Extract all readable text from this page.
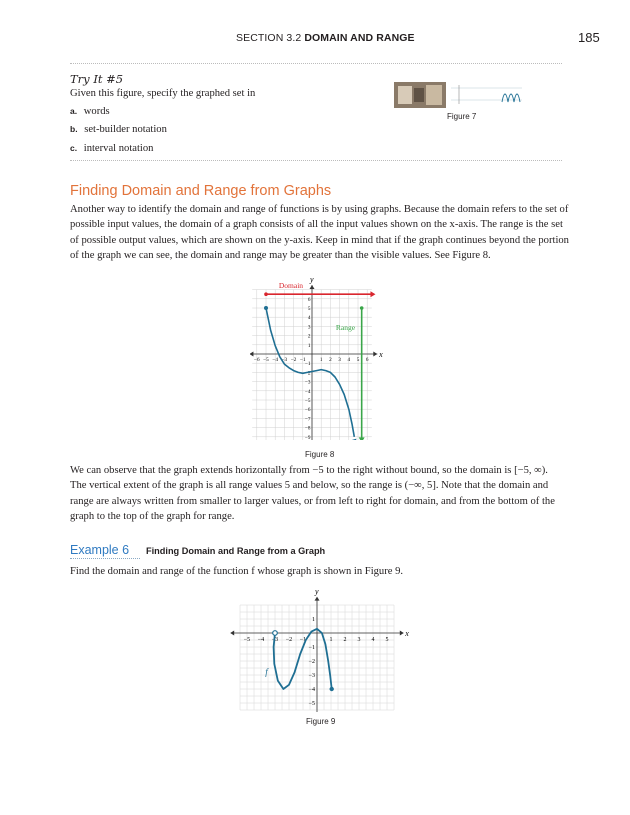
SECTION 3.2 DOMAIN AND RANGE	185
Try It #5
Given this figure, specify the graphed set in
a. words
b. set-builder notation
c. interval notation
Figure 7
Finding Domain and Range from Graphs
Another way to identify the domain and range of functions is by using graphs. Because the domain refers to the set of
possible input values, the domain of a graph consists of all the input values shown on the x-axis. The range is the set
of possible output values, which are shown on the y-axis. Keep in mind that if the graph continues beyond the portion
of the graph we can see, the domain and range may be greater than the visible values. See Figure 8.
x
y
−6 −5 −4 −3 −2 −1	1 2 3 4 5 6
6
5
4
3
2
1
−1
−2
−3
−4
−5
−6
−7
−8
−9
Domain
Range
Figure 8
We can observe that the graph extends horizontally from −5 to the right without bound, so the domain is [−5, ∞).
The vertical extent of the graph is all range values 5 and below, so the range is (−∞, 5]. Note that the domain and
range are always written from smaller to larger values, or from left to right for domain, and from the bottom of the
graph to the top of the graph for range.
Example 6 Finding Domain and Range from a Graph
Find the domain and range of the function f whose graph is shown in Figure 9.
x
y
−5 −4 −3 −2 −1	1 2 3 4 5
1
−1
−2
−3
−4
−5
f
Figure 9
